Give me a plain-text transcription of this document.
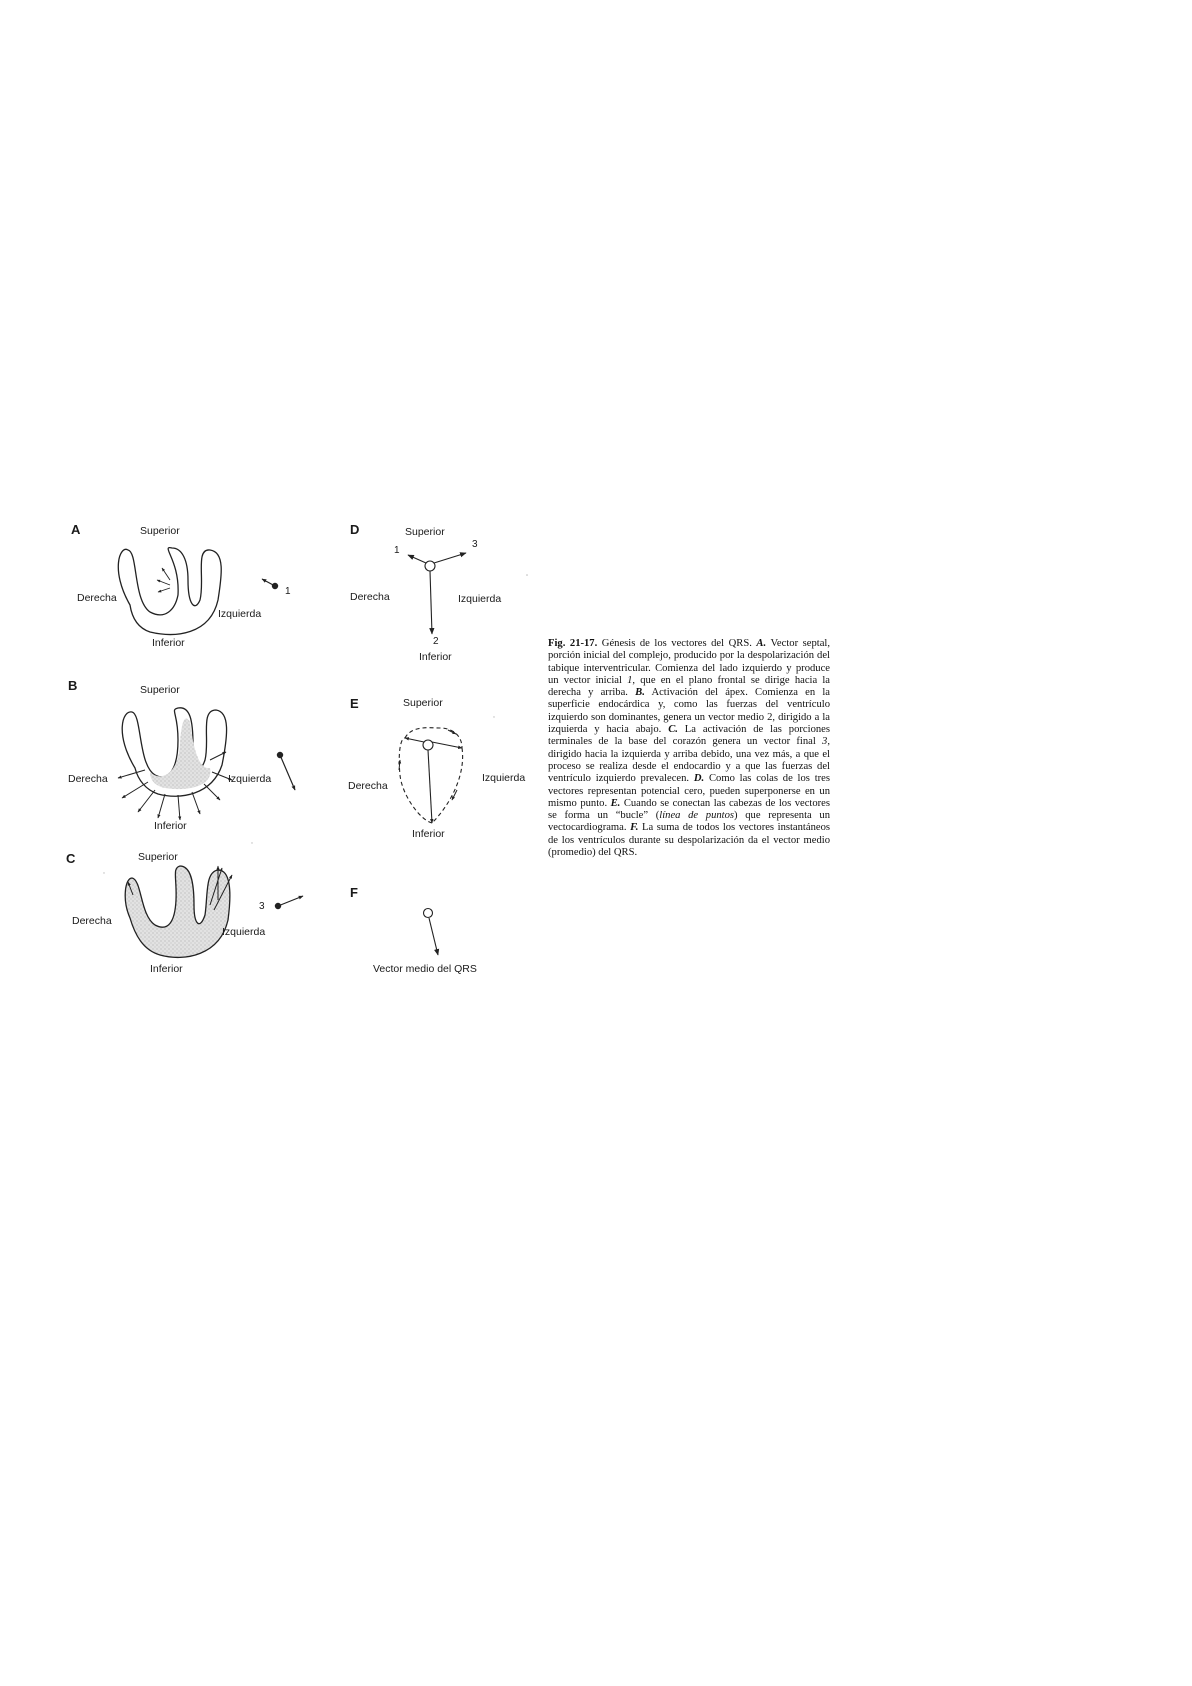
A	Superior
Derecha
Izquierda
Inferior
1
B	Superior
Derecha	Izquierda
Inferior
C	Superior
Derecha
Izquierda
Inferior
3
D	Superior
1
3
Derecha	Izquierda
2
Inferior
E	Superior
Derecha
Izquierda
Inferior
F
Vector medio del QRS
Fig. 21-17. Génesis de los vectores del QRS. A. Vector septal, porción inicial del complejo, producido por la despolarización del tabique interventricular. Comienza del lado izquierdo y produce un vector inicial 1, que en el plano frontal se dirige hacia la derecha y arriba. B. Activación del ápex. Comienza en la superficie endocárdica y, como las fuerzas del ventrículo izquierdo son dominantes, genera un vector medio 2, dirigido a la izquierda y hacia abajo. C. La activación de las porciones terminales de la base del corazón genera un vector final 3, dirigido hacia la izquierda y arriba debido, una vez más, a que el proceso se realiza desde el endocardio y a que las fuerzas del ventrículo izquierdo prevalecen. D. Como las colas de los tres vectores representan potencial cero, pueden superponerse en un mismo punto. E. Cuando se conectan las cabezas de los vectores se forma un “bucle” (línea de puntos) que representa un vectocardiograma. F. La suma de todos los vectores instantáneos de los ventrículos durante su despolarización da el vector medio (promedio) del QRS.
